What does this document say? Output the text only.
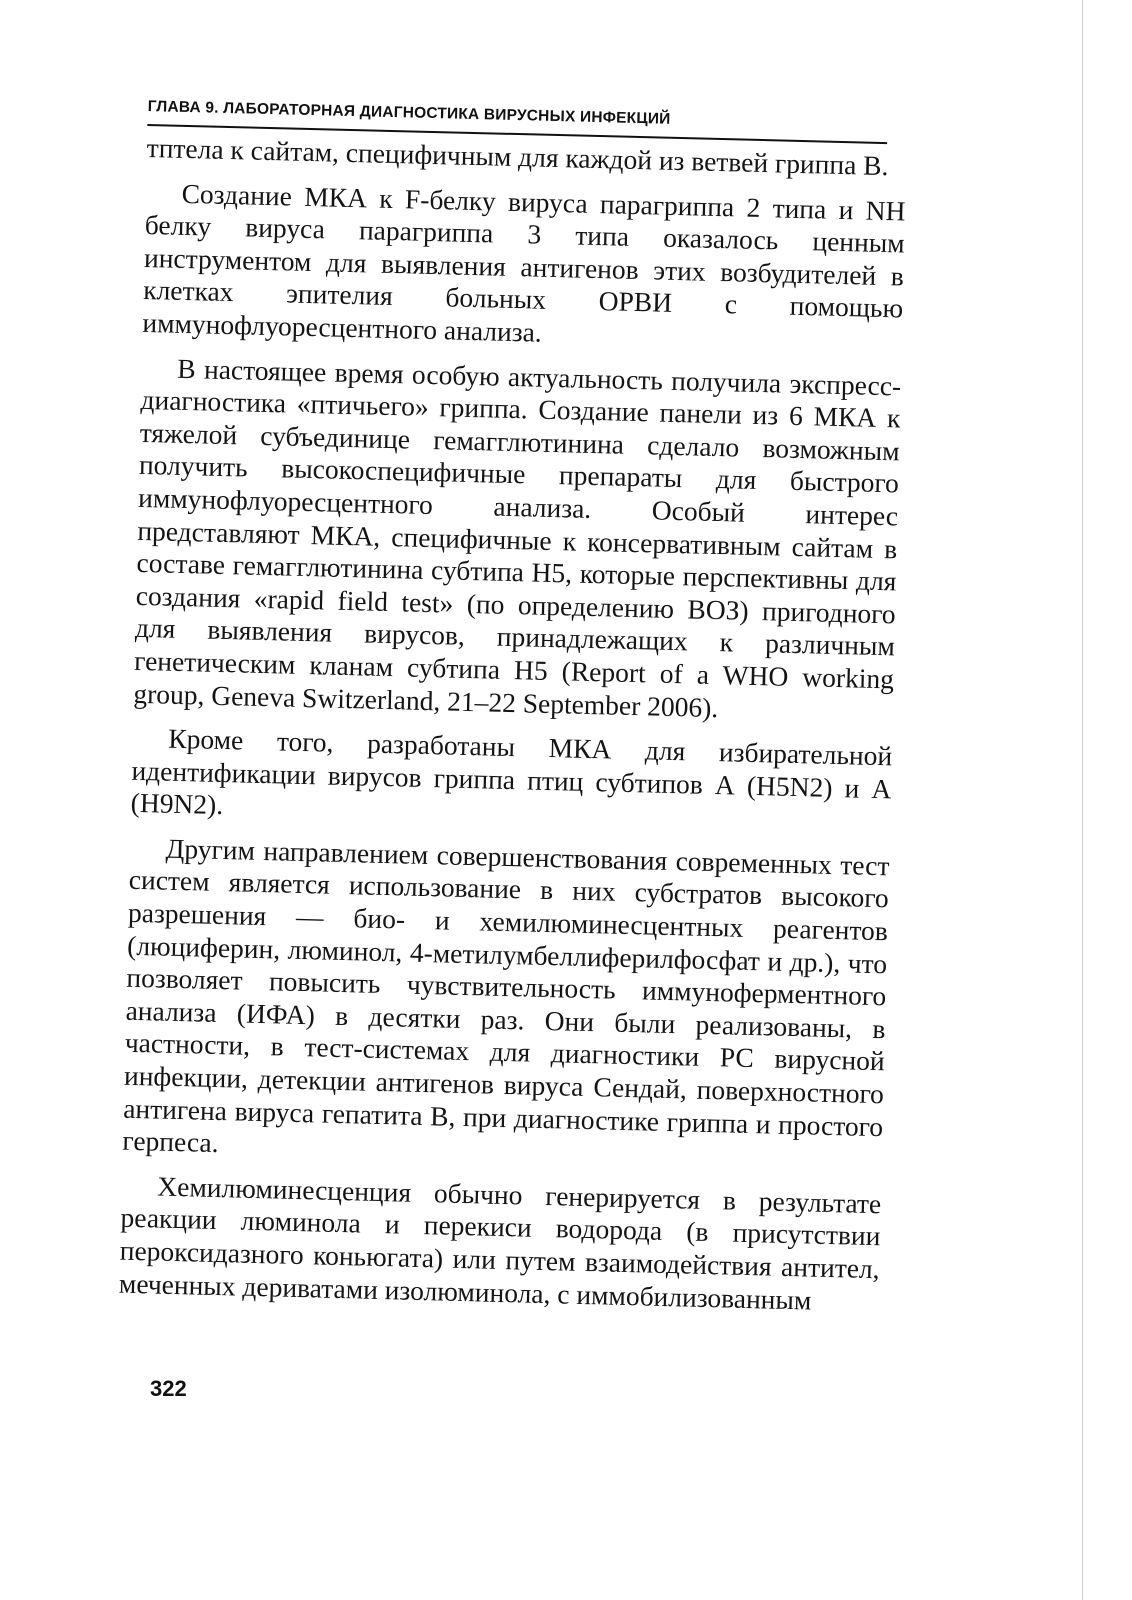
ГЛАВА 9. ЛАБОРАТОРНАЯ ДИАГНОСТИКА ВИРУСНЫХ ИНФЕКЦИЙ

тптела к сайтам, специфичным для каждой из ветвей гриппа В.

Создание МКА к F-белку вируса парагриппа 2 типа и NH белку вируса парагриппа 3 типа оказалось ценным инструментом для выявления антигенов этих возбудителей в клетках эпителия больных ОРВИ с помощью иммунофлуоресцентного анализа.

В настоящее время особую актуальность получила экспресс-диагностика «птичьего» гриппа. Создание панели из 6 МКА к тяжелой субъединице гемагглютинина сделало возможным получить высокоспецифичные препараты для быстрого иммунофлуоресцентного анализа. Особый интерес представляют МКА, специфичные к консервативным сайтам в составе гемагглютинина субтипа H5, которые перспективны для создания «rapid field test» (по определению ВОЗ) пригодного для выявления вирусов, принадлежащих к различным генетическим кланам субтипа H5 (Report of a WHO working group, Geneva Switzerland, 21–22 September 2006).

Кроме того, разработаны МКА для избирательной идентификации вирусов гриппа птиц субтипов А (H5N2) и А (H9N2).

Другим направлением совершенствования современных тест систем является использование в них субстратов высокого разрешения — био- и хемилюминесцентных реагентов (люциферин, люминол, 4-метилумбеллиферилфосфат и др.), что позволяет повысить чувствительность иммуноферментного анализа (ИФА) в десятки раз. Они были реализованы, в частности, в тест-системах для диагностики РС вирусной инфекции, детекции антигенов вируса Сендай, поверхностного антигена вируса гепатита В, при диагностике гриппа и простого герпеса.

Хемилюминесценция обычно генерируется в результате реакции люминола и перекиси водорода (в присутствии пероксидазного коньюгата) или путем взаимодействия антител, меченных дериватами изолюминола, с иммобилизованным

322
